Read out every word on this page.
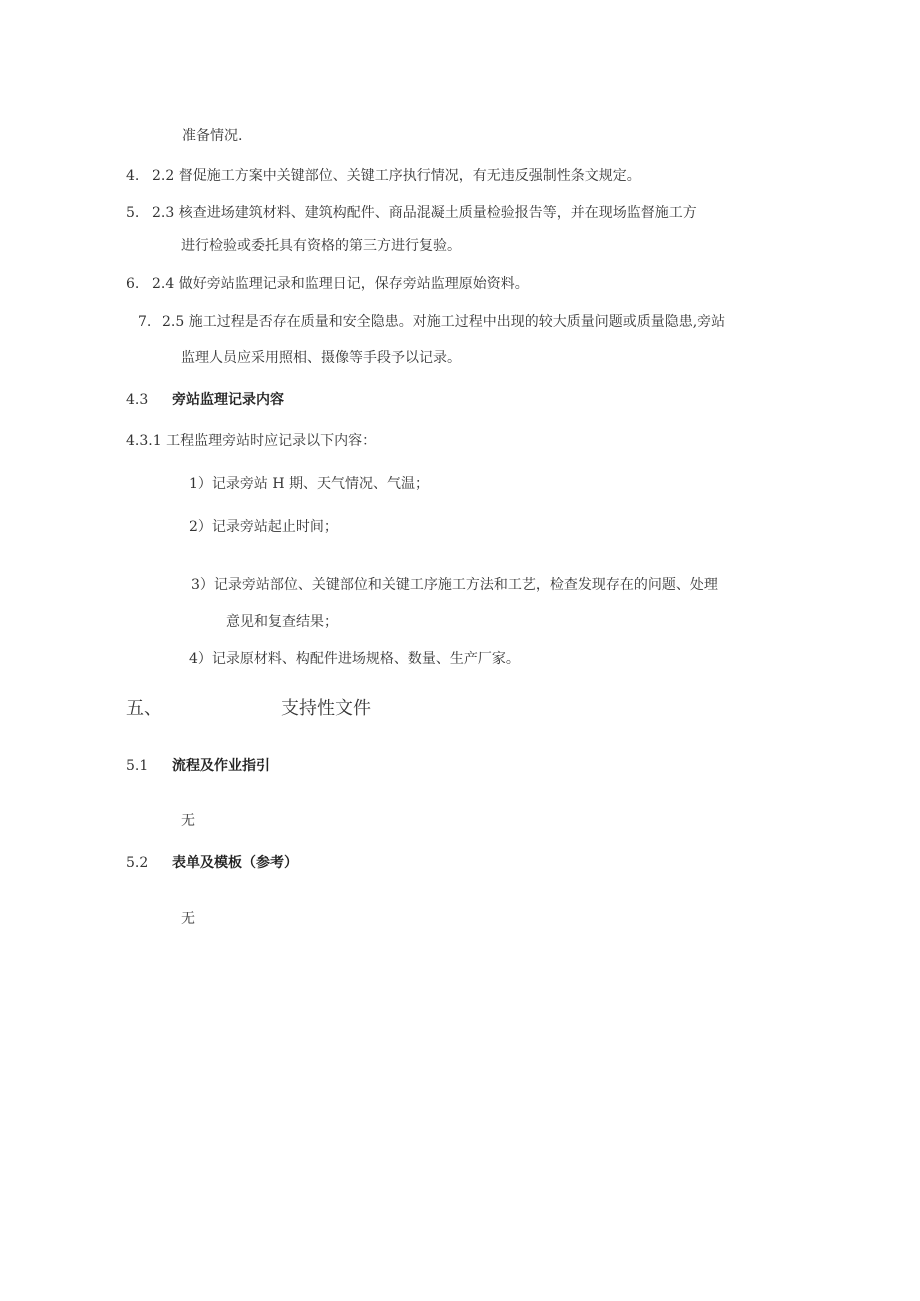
准备情况.
4. 2.2 督促施工方案中关键部位、关键工序执行情况，有无违反强制性条文规定。
5. 2.3 核查进场建筑材料、建筑构配件、商品混凝土质量检验报告等，并在现场监督施工方
进行检验或委托具有资格的第三方进行复验。
6. 2.4 做好旁站监理记录和监理日记，保存旁站监理原始资料。
7. 2.5 施工过程是否存在质量和安全隐患。对施工过程中出现的较大质量问题或质量隐患,旁站
监理人员应采用照相、摄像等手段予以记录。
4.3 旁站监理记录内容
4.3.1 工程监理旁站时应记录以下内容：
1）记录旁站 H 期、天气情况、气温；
2）记录旁站起止时间；
3）记录旁站部位、关键部位和关键工序施工方法和工艺，检查发现存在的问题、处理
意见和复查结果；
4）记录原材料、构配件进场规格、数量、生产厂家。
五、	支持性文件
5.1 流程及作业指引
无
5.2 表单及模板（参考）
无
